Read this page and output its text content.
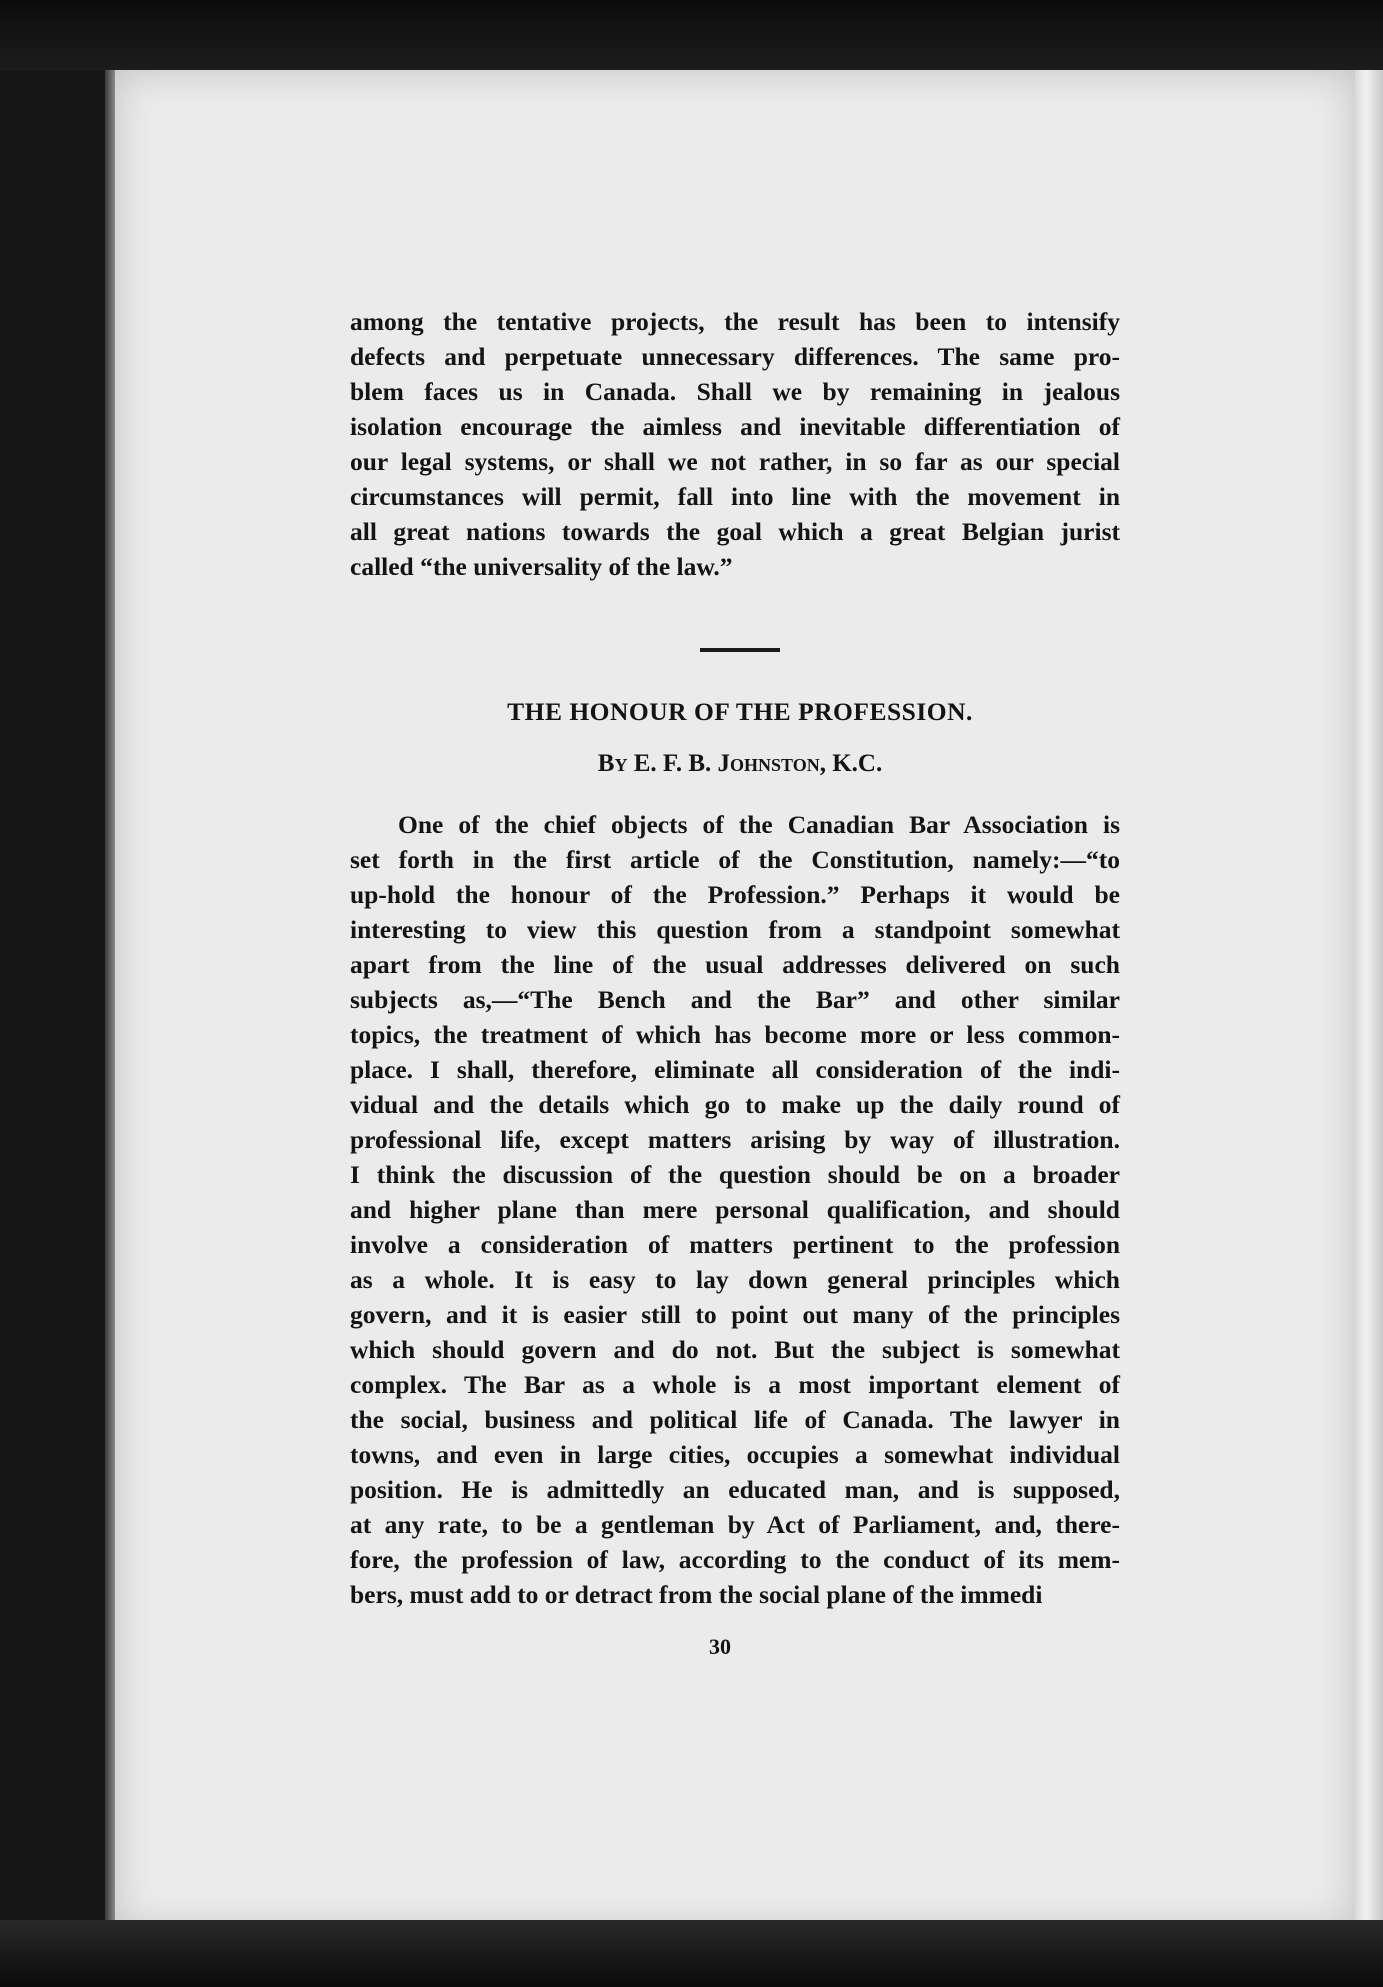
among the tentative projects, the result has been to intensify
defects and perpetuate unnecessary differences. The same pro-
blem faces us in Canada. Shall we by remaining in jealous
isolation encourage the aimless and inevitable differentiation of
our legal systems, or shall we not rather, in so far as our special
circumstances will permit, fall into line with the movement in
all great nations towards the goal which a great Belgian jurist
called “the universality of the law.”
THE HONOUR OF THE PROFESSION.
By E. F. B. Johnston, K.C.
One of the chief objects of the Canadian Bar Association is
set forth in the first article of the Constitution, namely:—“to
up-hold the honour of the Profession.” Perhaps it would be
interesting to view this question from a standpoint somewhat
apart from the line of the usual addresses delivered on such
subjects as,—“The Bench and the Bar” and other similar
topics, the treatment of which has become more or less common-
place. I shall, therefore, eliminate all consideration of the indi-
vidual and the details which go to make up the daily round of
professional life, except matters arising by way of illustration.
I think the discussion of the question should be on a broader
and higher plane than mere personal qualification, and should
involve a consideration of matters pertinent to the profession
as a whole. It is easy to lay down general principles which
govern, and it is easier still to point out many of the principles
which should govern and do not. But the subject is somewhat
complex. The Bar as a whole is a most important element of
the social, business and political life of Canada. The lawyer in
towns, and even in large cities, occupies a somewhat individual
position. He is admittedly an educated man, and is supposed,
at any rate, to be a gentleman by Act of Parliament, and, there-
fore, the profession of law, according to the conduct of its mem-
bers, must add to or detract from the social plane of the immedi
30
